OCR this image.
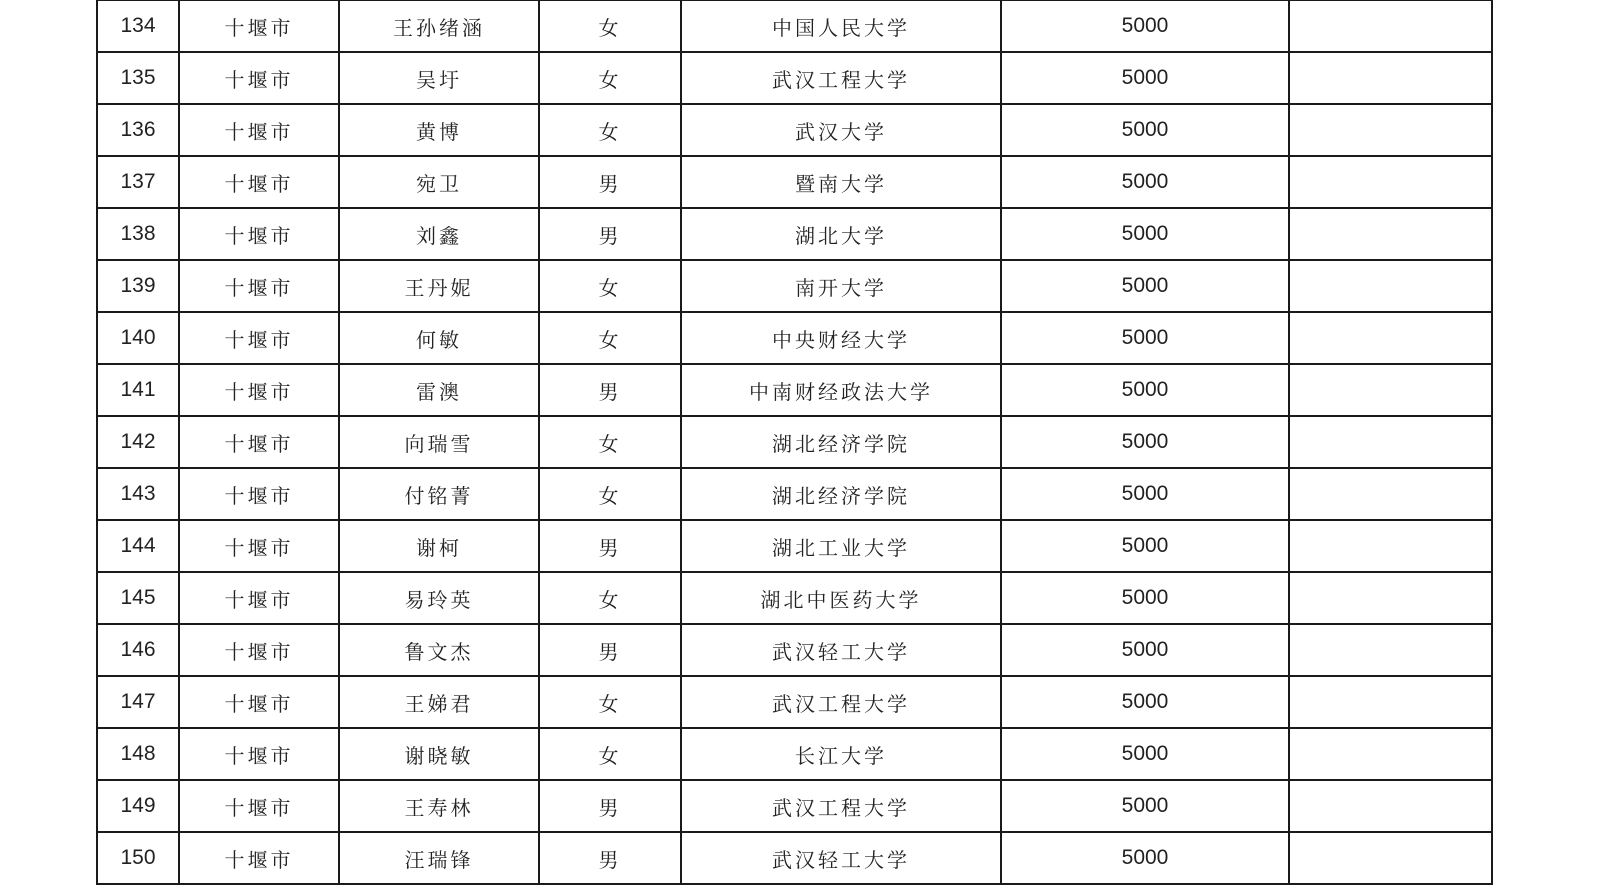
134	十堰市	王孙绪涵	女	中国人民大学	5000	
135	十堰市	吴圩	女	武汉工程大学	5000	
136	十堰市	黄博	女	武汉大学	5000	
137	十堰市	宛卫	男	暨南大学	5000	
138	十堰市	刘鑫	男	湖北大学	5000	
139	十堰市	王丹妮	女	南开大学	5000	
140	十堰市	何敏	女	中央财经大学	5000	
141	十堰市	雷澳	男	中南财经政法大学	5000	
142	十堰市	向瑞雪	女	湖北经济学院	5000	
143	十堰市	付铭菁	女	湖北经济学院	5000	
144	十堰市	谢柯	男	湖北工业大学	5000	
145	十堰市	易玲英	女	湖北中医药大学	5000	
146	十堰市	鲁文杰	男	武汉轻工大学	5000	
147	十堰市	王娣君	女	武汉工程大学	5000	
148	十堰市	谢晓敏	女	长江大学	5000	
149	十堰市	王寿林	男	武汉工程大学	5000	
150	十堰市	汪瑞锋	男	武汉轻工大学	5000	
